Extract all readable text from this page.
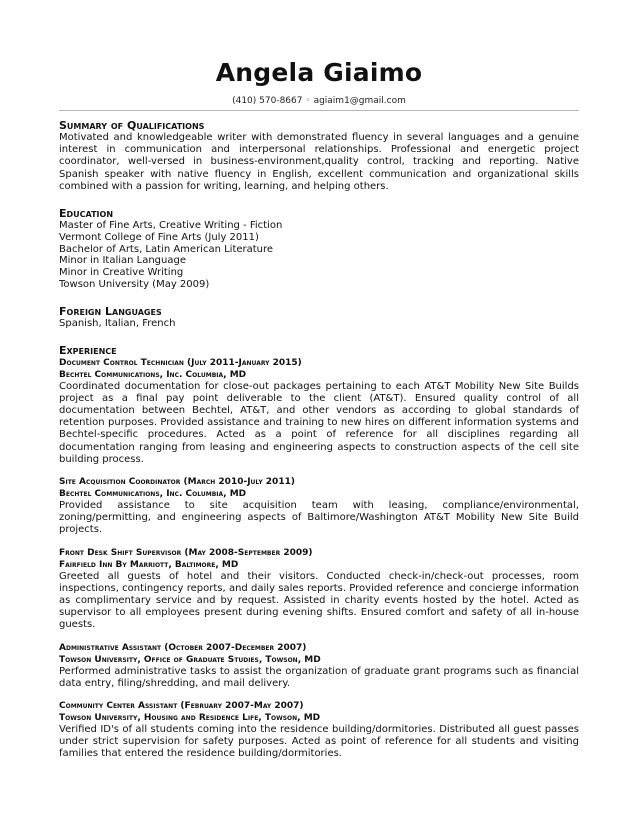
Angela Giaimo
(410) 570-8667 ◦ agiaim1@gmail.com
Summary of Qualifications

Motivated and knowledgeable writer with demonstrated fluency in several languages and a genuine interest in communication and interpersonal relationships. Professional and energetic project coordinator, well-versed in business-environment,quality control, tracking and reporting. Native Spanish speaker with native fluency in English, excellent communication and organizational skills combined with a passion for writing, learning, and helping others.

Education

Master of Fine Arts, Creative Writing - Fiction

Vermont College of Fine Arts (July 2011)

Bachelor of Arts, Latin American Literature

Minor in Italian Language

Minor in Creative Writing

Towson University (May 2009)

Foreign Languages

Spanish, Italian, French

Experience

Document Control Technician (July 2011-January 2015)

Bechtel Communications, Inc. Columbia, MD

Coordinated documentation for close-out packages pertaining to each AT&T Mobility New Site Builds project as a final pay point deliverable to the client (AT&T). Ensured quality control of all documentation between Bechtel, AT&T, and other vendors as according to global standards of retention purposes. Provided assistance and training to new hires on different information systems and Bechtel-specific procedures. Acted as a point of reference for all disciplines regarding all documentation ranging from leasing and engineering aspects to construction aspects of the cell site building process.

Site Acquisition Coordinator (March 2010-July 2011)

Bechtel Communications, Inc. Columbia, MD

Provided assistance to site acquisition team with leasing, compliance/environmental, zoning/permitting, and engineering aspects of Baltimore/Washington AT&T Mobility New Site Build projects.

Front Desk Shift Supervisor (May 2008-September 2009)

Fairfield Inn By Marriott, Baltimore, MD

Greeted all guests of hotel and their visitors. Conducted check-in/check-out processes, room inspections, contingency reports, and daily sales reports. Provided reference and concierge information as complimentary service and by request. Assisted in charity events hosted by the hotel. Acted as supervisor to all employees present during evening shifts. Ensured comfort and safety of all in-house guests.

Administrative Assistant (October 2007-December 2007)

Towson University, Office of Graduate Studies, Towson, MD

Performed administrative tasks to assist the organization of graduate grant programs such as financial data entry, filing/shredding, and mail delivery.

Community Center Assistant (February 2007-May 2007)

Towson University, Housing and Residence Life, Towson, MD

Verified ID's of all students coming into the residence building/dormitories. Distributed all guest passes under strict supervision for safety purposes. Acted as point of reference for all students and visiting families that entered the residence building/dormitories.
